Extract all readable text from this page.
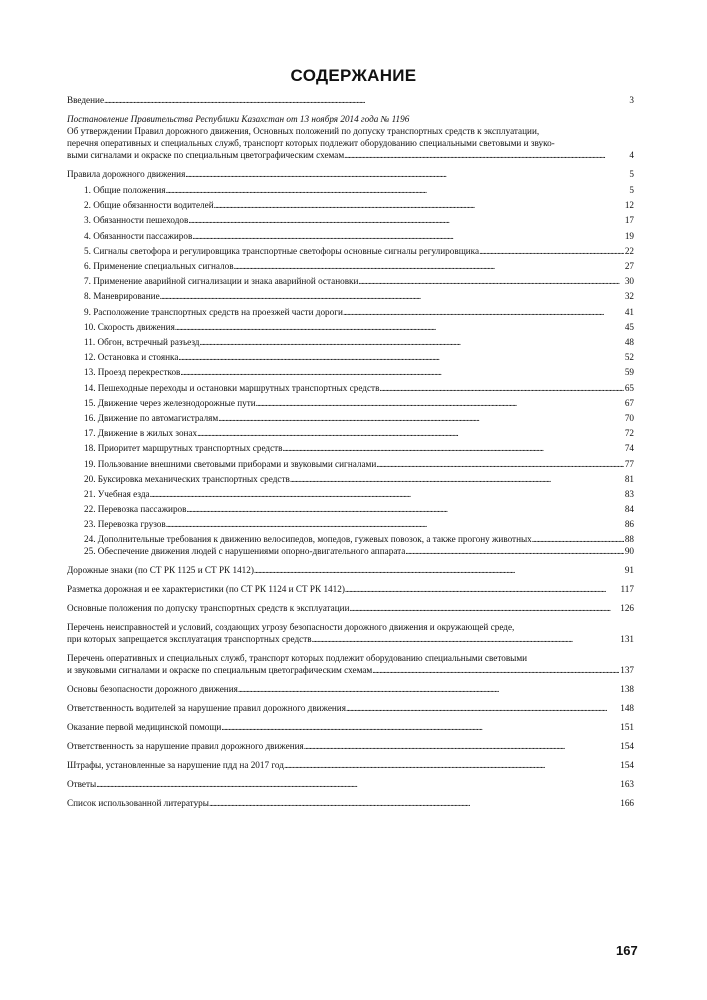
СОДЕРЖАНИЕ
Введение . . .	3
Постановление Правительства Республики Казахстан от 13 ноября 2014 года № 1196
Об утверждении Правил дорожного движения, Основных положений по допуску транспортных средств к эксплуатации,
перечня оперативных и специальных служб, транспорт которых подлежит оборудованию специальными световыми и звуко-
выми сигналами и окраске по специальным цветографическим схемам . . .	4
Правила дорожного движения . . .	5
1. Общие положения . . .	5
2. Общие обязанности водителей . . .	12
3. Обязанности пешеходов . . .	17
4. Обязанности пассажиров . . .	19
5. Сигналы светофора и регулировщика транспортные светофоры основные сигналы регулировщика . . .	22
6. Применение специальных сигналов . . .	27
7. Применение аварийной сигнализации и знака аварийной остановки . . .	30
8. Маневрирование . . .	32
9. Расположение транспортных средств на проезжей части дороги . . .	41
10. Скорость движения . . .	45
11. Обгон, встречный разъезд . . .	48
12. Остановка и стоянка . . .	52
13. Проезд перекрестков . . .	59
14. Пешеходные переходы и остановки маршрутных транспортных средств . . .	65
15. Движение через железнодорожные пути . . .	67
16. Движение по автомагистралям . . .	70
17. Движение в жилых зонах . . .	72
18. Приоритет маршрутных транспортных средств . . .	74
19. Пользование внешними световыми приборами и звуковыми сигналами . . .	77
20. Буксировка механических транспортных средств . . .	81
21. Учебная езда . . .	83
22. Перевозка пассажиров . . .	84
23. Перевозка грузов . . .	86
24. Дополнительные требования к движению велосипедов, мопедов, гужевых повозок, а также прогону животных . . .	88
25. Обеспечение движения людей с нарушениями опорно-двигательного аппарата . . .	90
Дорожные знаки (по СТ РК 1125 и СТ РК 1412) . . .	91
Разметка дорожная и ее характеристики (по СТ РК 1124 и СТ РК 1412) . . .	117
Основные положения по допуску транспортных средств к эксплуатации . . .	126
Перечень неисправностей и условий, создающих угрозу безопасности дорожного движения и окружающей среде,
при которых запрещается эксплуатация транспортных средств . . .	131
Перечень оперативных и специальных служб, транспорт которых подлежит оборудованию специальными световыми
и звуковыми сигналами и окраске по специальным цветографическим схемам . . .	137
Основы безопасности дорожного движения . . .	138
Ответственность водителей за нарушение правил дорожного движения . . .	148
Оказание первой медицинской помощи . . .	151
Ответственность за нарушение правил дорожного движения . . .	154
Штрафы, установленные за нарушение пдд на 2017 год . . .	154
Ответы . . .	163
Список использованной литературы . . .	166
167
